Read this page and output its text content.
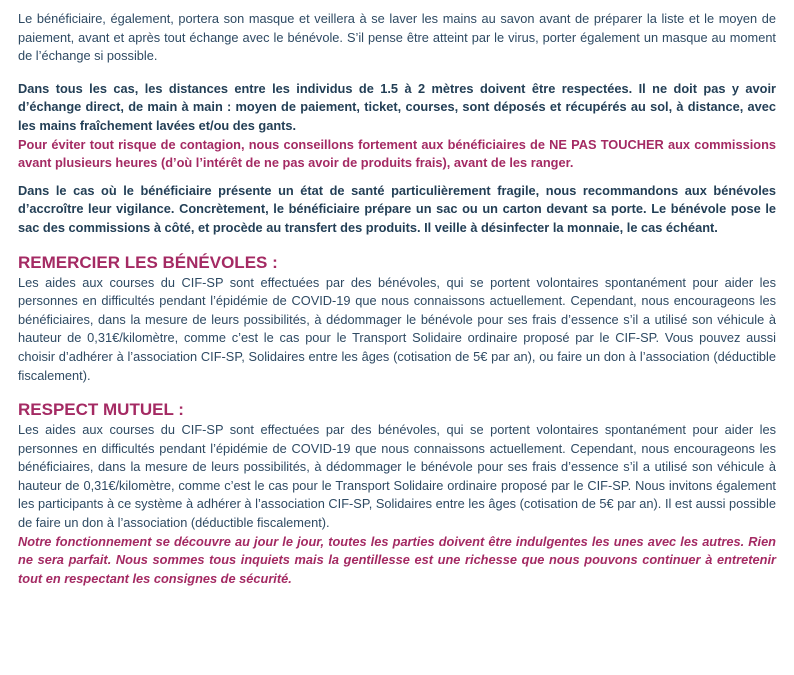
Le bénéficiaire, également, portera son masque et veillera à se laver les mains au savon avant de préparer la liste et le moyen de paiement, avant et après tout échange avec le bénévole. S’il pense être atteint par le virus, porter également un masque au moment de l’échange si possible.

Dans tous les cas, les distances entre les individus de 1.5 à 2 mètres doivent être respectées. Il ne doit pas y avoir d’échange direct, de main à main : moyen de paiement, ticket, courses, sont déposés et récupérés au sol, à distance, avec les mains fraîchement lavées et/ou des gants.

Pour éviter tout risque de contagion, nous conseillons fortement aux bénéficiaires de NE PAS TOUCHER aux commissions avant plusieurs heures (d’où l’intérêt de ne pas avoir de produits frais), avant de les ranger.

Dans le cas où le bénéficiaire présente un état de santé particulièrement fragile, nous recommandons aux bénévoles d’accroître leur vigilance. Concrètement, le bénéficiaire prépare un sac ou un carton devant sa porte. Le bénévole pose le sac des commissions à côté, et procède au transfert des produits. Il veille à désinfecter la monnaie, le cas échéant.

REMERCIER LES BÉNÉVOLES :

Les aides aux courses du CIF-SP sont effectuées par des bénévoles, qui se portent volontaires spontanément pour aider les personnes en difficultés pendant l’épidémie de COVID-19 que nous connaissons actuellement. Cependant, nous encourageons les bénéficiaires, dans la mesure de leurs possibilités, à dédommager le bénévole pour ses frais d’essence s’il a utilisé son véhicule à hauteur de 0,31€/kilomètre, comme c’est le cas pour le Transport Solidaire ordinaire proposé par le CIF-SP. Vous pouvez aussi choisir d’adhérer à l’association CIF-SP, Solidaires entre les âges (cotisation de 5€ par an), ou faire un don à l’association (déductible fiscalement).

RESPECT MUTUEL :

Les aides aux courses du CIF-SP sont effectuées par des bénévoles, qui se portent volontaires spontanément pour aider les personnes en difficultés pendant l’épidémie de COVID-19 que nous connaissons actuellement. Cependant, nous encourageons les bénéficiaires, dans la mesure de leurs possibilités, à dédommager le bénévole pour ses frais d’essence s’il a utilisé son véhicule à hauteur de 0,31€/kilomètre, comme c’est le cas pour le Transport Solidaire ordinaire proposé par le CIF-SP. Nous invitons également les participants à ce système à adhérer à l’association CIF-SP, Solidaires entre les âges (cotisation de 5€ par an). Il est aussi possible de faire un don à l’association (déductible fiscalement).

Notre fonctionnement se découvre au jour le jour, toutes les parties doivent être indulgentes les unes avec les autres. Rien ne sera parfait. Nous sommes tous inquiets mais la gentillesse est une richesse que nous pouvons continuer à entretenir tout en respectant les consignes de sécurité.
